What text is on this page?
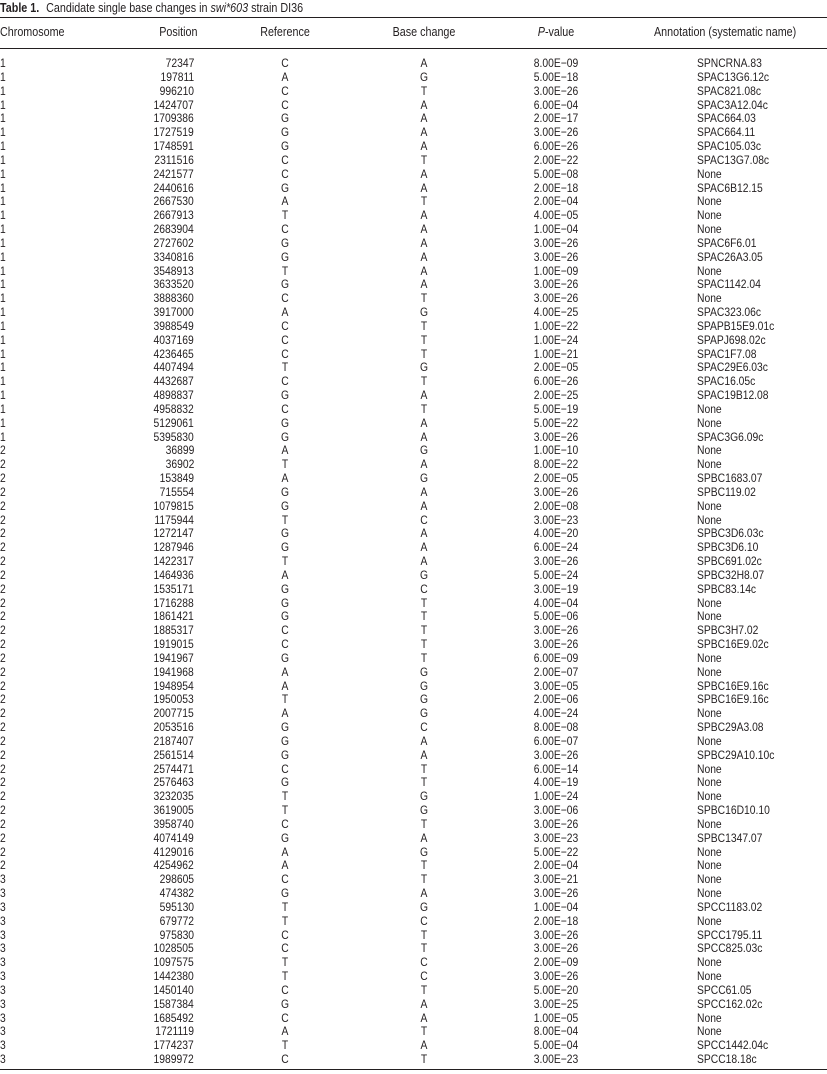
Table 1. Candidate single base changes in swi*603 strain DI36
Chromosome	Position	Reference	Base change	P-value	Annotation (systematic name)
1	72347	C	A	8.00E−09	SPNCRNA.83
1	197811	A	G	5.00E−18	SPAC13G6.12c
1	996210	C	T	3.00E−26	SPAC821.08c
1	1424707	C	A	6.00E−04	SPAC3A12.04c
1	1709386	G	A	2.00E−17	SPAC664.03
1	1727519	G	A	3.00E−26	SPAC664.11
1	1748591	G	A	6.00E−26	SPAC105.03c
1	2311516	C	T	2.00E−22	SPAC13G7.08c
1	2421577	C	A	5.00E−08	None
1	2440616	G	A	2.00E−18	SPAC6B12.15
1	2667530	A	T	2.00E−04	None
1	2667913	T	A	4.00E−05	None
1	2683904	C	A	1.00E−04	None
1	2727602	G	A	3.00E−26	SPAC6F6.01
1	3340816	G	A	3.00E−26	SPAC26A3.05
1	3548913	T	A	1.00E−09	None
1	3633520	G	A	3.00E−26	SPAC1142.04
1	3888360	C	T	3.00E−26	None
1	3917000	A	G	4.00E−25	SPAC323.06c
1	3988549	C	T	1.00E−22	SPAPB15E9.01c
1	4037169	C	T	1.00E−24	SPAPJ698.02c
1	4236465	C	T	1.00E−21	SPAC1F7.08
1	4407494	T	G	2.00E−05	SPAC29E6.03c
1	4432687	C	T	6.00E−26	SPAC16.05c
1	4898837	G	A	2.00E−25	SPAC19B12.08
1	4958832	C	T	5.00E−19	None
1	5129061	G	A	5.00E−22	None
1	5395830	G	A	3.00E−26	SPAC3G6.09c
2	36899	A	G	1.00E−10	None
2	36902	T	A	8.00E−22	None
2	153849	A	G	2.00E−05	SPBC1683.07
2	715554	G	A	3.00E−26	SPBC119.02
2	1079815	G	A	2.00E−08	None
2	1175944	T	C	3.00E−23	None
2	1272147	G	A	4.00E−20	SPBC3D6.03c
2	1287946	G	A	6.00E−24	SPBC3D6.10
2	1422317	T	A	3.00E−26	SPBC691.02c
2	1464936	A	G	5.00E−24	SPBC32H8.07
2	1535171	G	C	3.00E−19	SPBC83.14c
2	1716288	G	T	4.00E−04	None
2	1861421	G	T	5.00E−06	None
2	1885317	C	T	3.00E−26	SPBC3H7.02
2	1919015	C	T	3.00E−26	SPBC16E9.02c
2	1941967	G	T	6.00E−09	None
2	1941968	A	G	2.00E−07	None
2	1948954	A	G	3.00E−05	SPBC16E9.16c
2	1950053	T	G	2.00E−06	SPBC16E9.16c
2	2007715	A	G	4.00E−24	None
2	2053516	G	C	8.00E−08	SPBC29A3.08
2	2187407	G	A	6.00E−07	None
2	2561514	G	A	3.00E−26	SPBC29A10.10c
2	2574471	C	T	6.00E−14	None
2	2576463	G	T	4.00E−19	None
2	3232035	T	G	1.00E−24	None
2	3619005	T	G	3.00E−06	SPBC16D10.10
2	3958740	C	T	3.00E−26	None
2	4074149	G	A	3.00E−23	SPBC1347.07
2	4129016	A	G	5.00E−22	None
2	4254962	A	T	2.00E−04	None
3	298605	C	T	3.00E−21	None
3	474382	G	A	3.00E−26	None
3	595130	T	G	1.00E−04	SPCC1183.02
3	679772	T	C	2.00E−18	None
3	975830	C	T	3.00E−26	SPCC1795.11
3	1028505	C	T	3.00E−26	SPCC825.03c
3	1097575	T	C	2.00E−09	None
3	1442380	T	C	3.00E−26	None
3	1450140	C	T	5.00E−20	SPCC61.05
3	1587384	G	A	3.00E−25	SPCC162.02c
3	1685492	C	A	1.00E−05	None
3	1721119	A	T	8.00E−04	None
3	1774237	T	A	5.00E−04	SPCC1442.04c
3	1989972	C	T	3.00E−23	SPCC18.18c
